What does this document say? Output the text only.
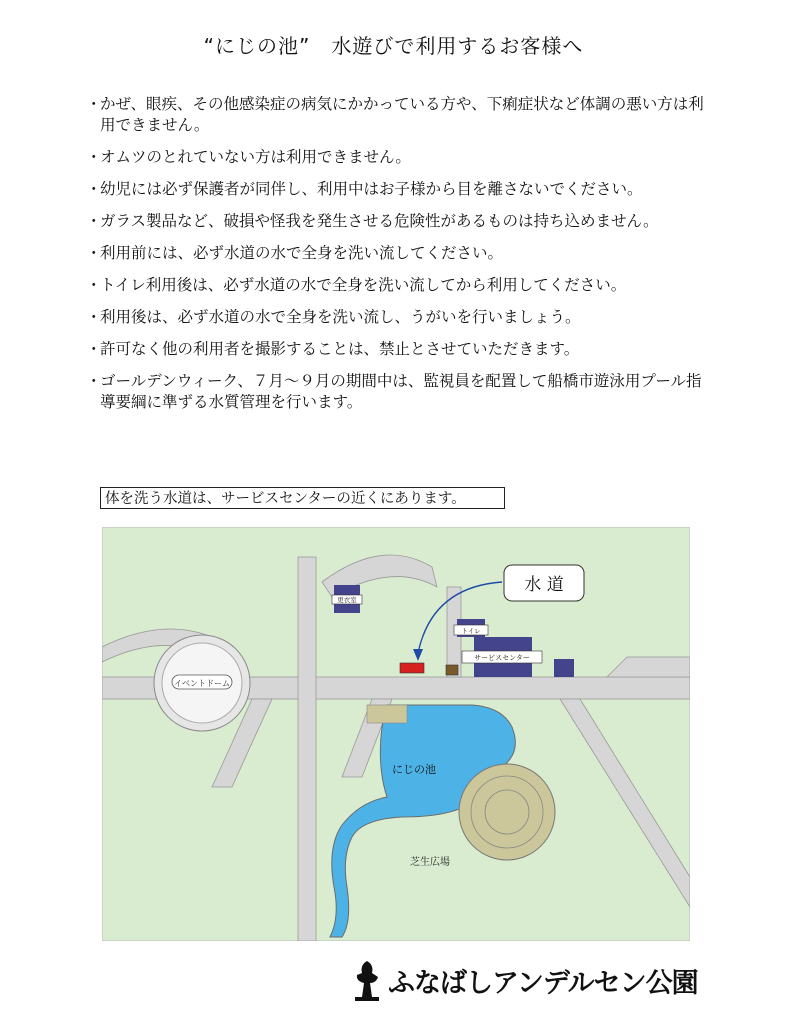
“にじの池”　水遊びで利用するお客様へ
・
かぜ、眼疾、その他感染症の病気にかかっている方や、下痢症状など体調の悪い方は利用できません。
・
オムツのとれていない方は利用できません。
・
幼児には必ず保護者が同伴し、利用中はお子様から目を離さないでください。
・
ガラス製品など、破損や怪我を発生させる危険性があるものは持ち込めません。
・
利用前には、必ず水道の水で全身を洗い流してください。
・
トイレ利用後は、必ず水道の水で全身を洗い流してから利用してください。
・
利用後は、必ず水道の水で全身を洗い流し、うがいを行いましょう。
・
許可なく他の利用者を撮影することは、禁止とさせていただきます。
・
ゴールデンウィーク、７月～９月の期間中は、監視員を配置して船橋市遊泳用プール指導要綱に準ずる水質管理を行います。
体を洗う水道は、サービスセンターの近くにあります。
イベントドーム
にじの池
芝生広場
更衣室
トイレ
サービスセンター
水 道
ふなばしアンデルセン公園
